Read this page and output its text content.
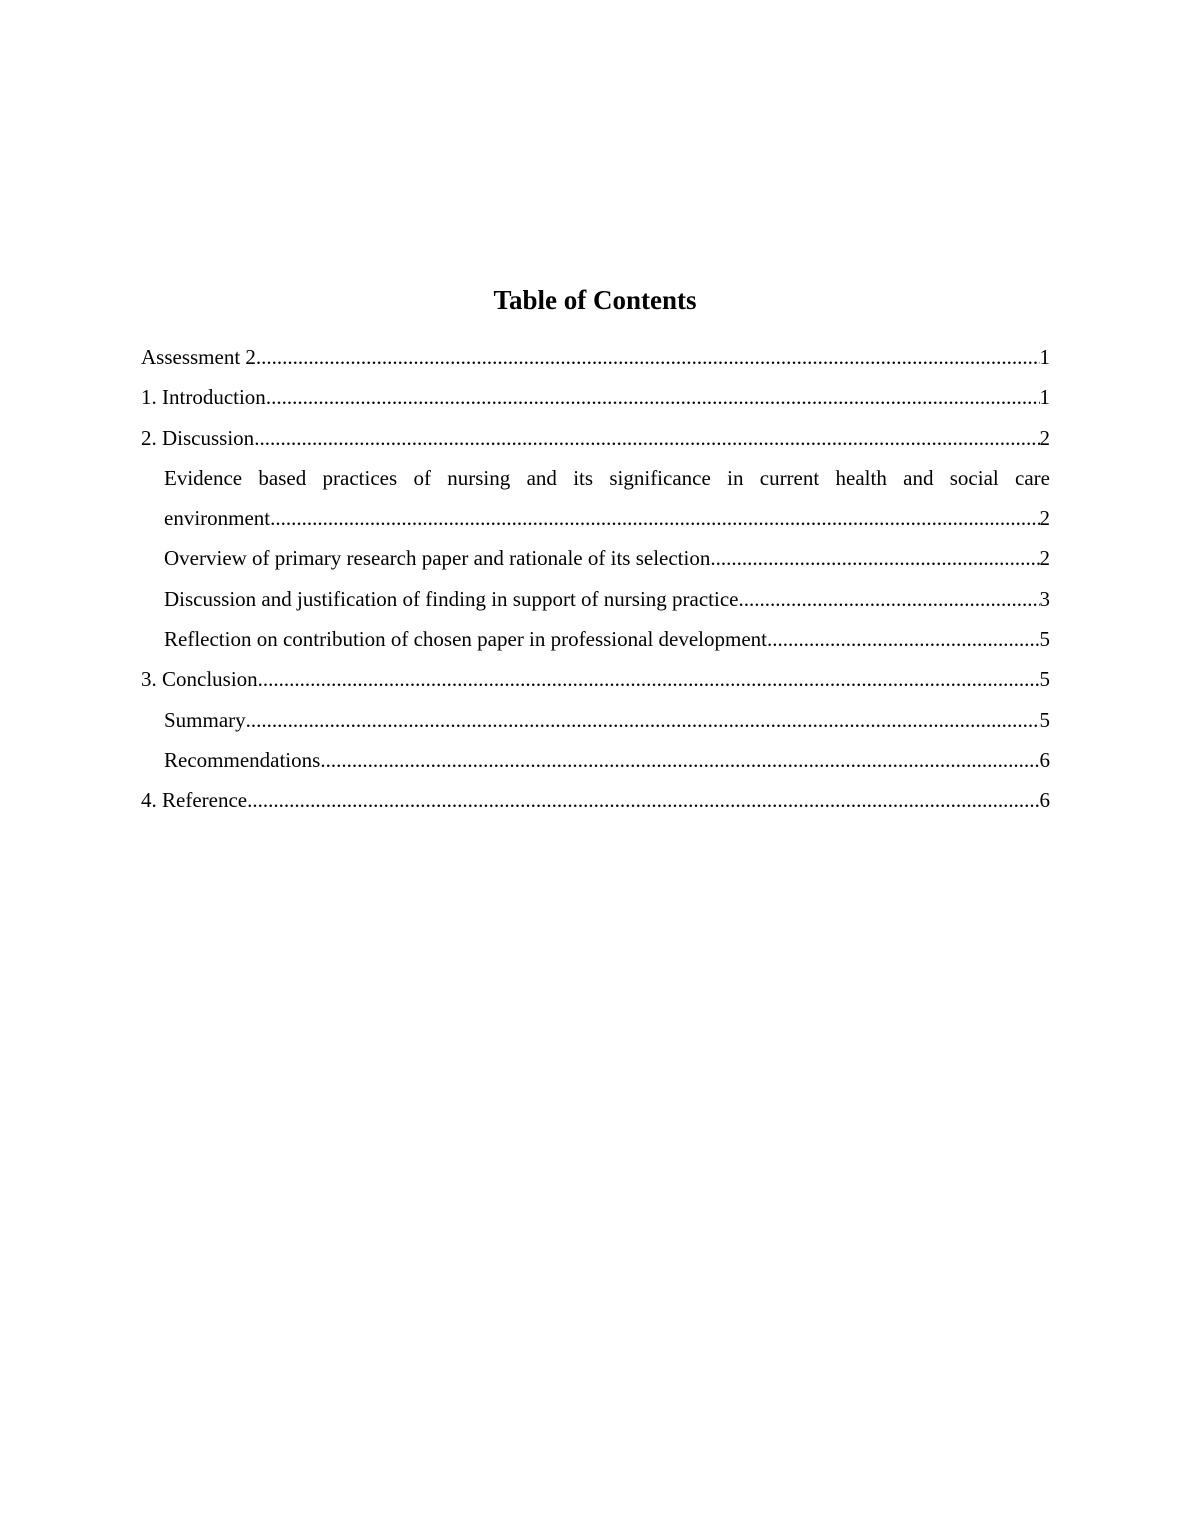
Table of Contents
Assessment 2 .....	1
1. Introduction .....	1
2. Discussion .....	2
Evidence based practices of nursing and its significance in current health and social care
environment .....	2
Overview of primary research paper and rationale of its selection .....	2
Discussion and justification of finding in support of nursing practice .....	3
Reflection on contribution of chosen paper in professional development .....	5
3. Conclusion .....	5
Summary .....	5
Recommendations .....	6
4. Reference .....	6
